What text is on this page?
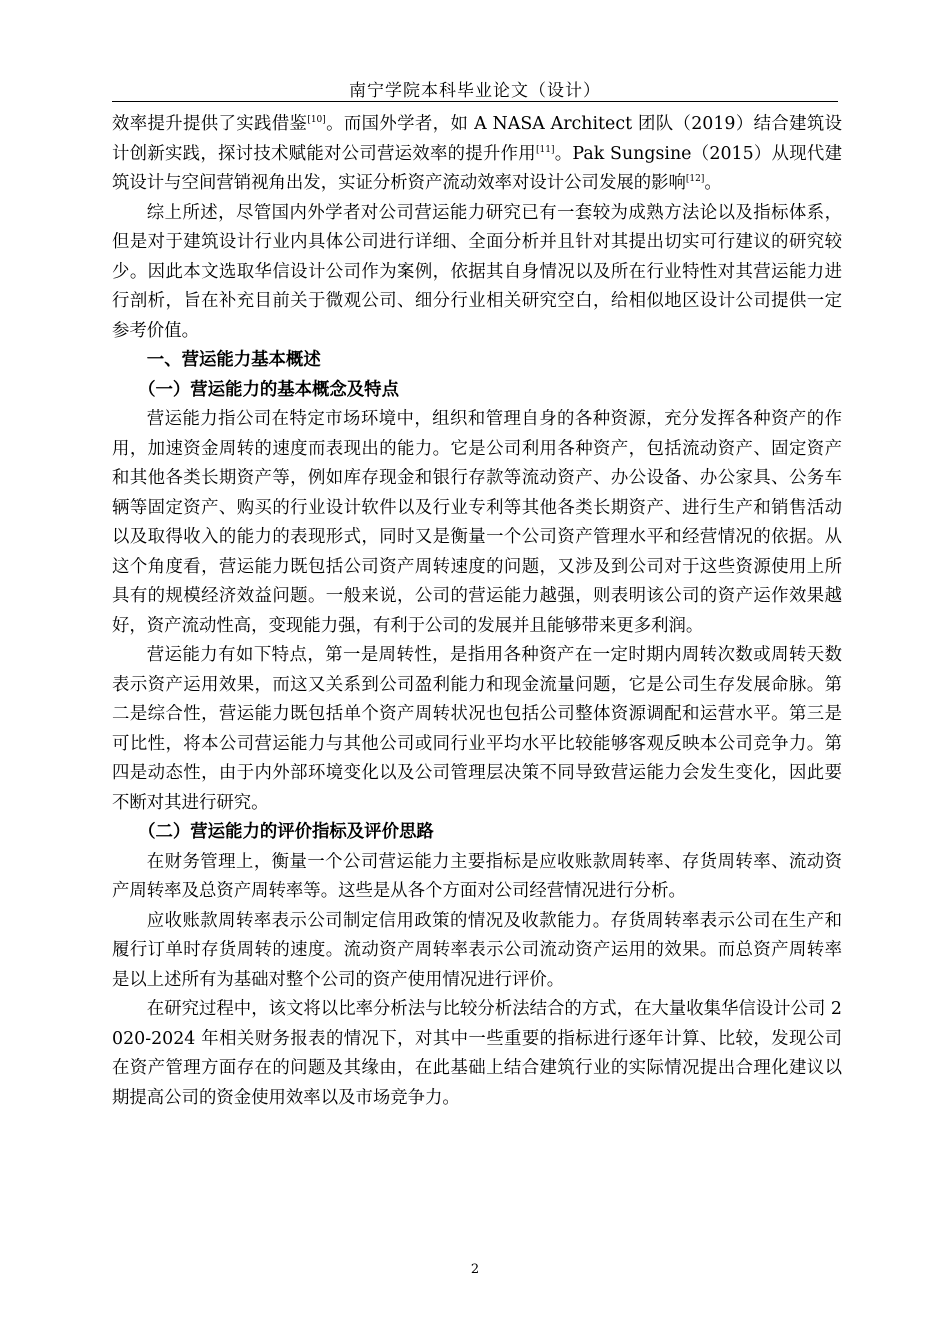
南宁学院本科毕业论文（设计）

效率提升提供了实践借鉴[10]。而国外学者，如 A NASA Architect 团队（2019）结合建筑设计创新实践，探讨技术赋能对公司营运效率的提升作用[11]。Pak Sungsine（2015）从现代建筑设计与空间营销视角出发，实证分析资产流动效率对设计公司发展的影响[12]。

综上所述，尽管国内外学者对公司营运能力研究已有一套较为成熟方法论以及指标体系，但是对于建筑设计行业内具体公司进行详细、全面分析并且针对其提出切实可行建议的研究较少。因此本文选取华信设计公司作为案例，依据其自身情况以及所在行业特性对其营运能力进行剖析，旨在补充目前关于微观公司、细分行业相关研究空白，给相似地区设计公司提供一定参考价值。

一、营运能力基本概述

（一）营运能力的基本概念及特点

营运能力指公司在特定市场环境中，组织和管理自身的各种资源，充分发挥各种资产的作用，加速资金周转的速度而表现出的能力。它是公司利用各种资产，包括流动资产、固定资产和其他各类长期资产等，例如库存现金和银行存款等流动资产、办公设备、办公家具、公务车辆等固定资产、购买的行业设计软件以及行业专利等其他各类长期资产、进行生产和销售活动以及取得收入的能力的表现形式，同时又是衡量一个公司资产管理水平和经营情况的依据。从这个角度看，营运能力既包括公司资产周转速度的问题，又涉及到公司对于这些资源使用上所具有的规模经济效益问题。一般来说，公司的营运能力越强，则表明该公司的资产运作效果越好，资产流动性高，变现能力强，有利于公司的发展并且能够带来更多利润。

营运能力有如下特点，第一是周转性，是指用各种资产在一定时期内周转次数或周转天数表示资产运用效果，而这又关系到公司盈利能力和现金流量问题，它是公司生存发展命脉。第二是综合性，营运能力既包括单个资产周转状况也包括公司整体资源调配和运营水平。第三是可比性，将本公司营运能力与其他公司或同行业平均水平比较能够客观反映本公司竞争力。第四是动态性，由于内外部环境变化以及公司管理层决策不同导致营运能力会发生变化，因此要不断对其进行研究。

（二）营运能力的评价指标及评价思路

在财务管理上，衡量一个公司营运能力主要指标是应收账款周转率、存货周转率、流动资产周转率及总资产周转率等。这些是从各个方面对公司经营情况进行分析。

应收账款周转率表示公司制定信用政策的情况及收款能力。存货周转率表示公司在生产和履行订单时存货周转的速度。流动资产周转率表示公司流动资产运用的效果。而总资产周转率是以上述所有为基础对整个公司的资产使用情况进行评价。

在研究过程中，该文将以比率分析法与比较分析法结合的方式，在大量收集华信设计公司 2020-2024 年相关财务报表的情况下，对其中一些重要的指标进行逐年计算、比较，发现公司在资产管理方面存在的问题及其缘由，在此基础上结合建筑行业的实际情况提出合理化建议以期提高公司的资金使用效率以及市场竞争力。

2
